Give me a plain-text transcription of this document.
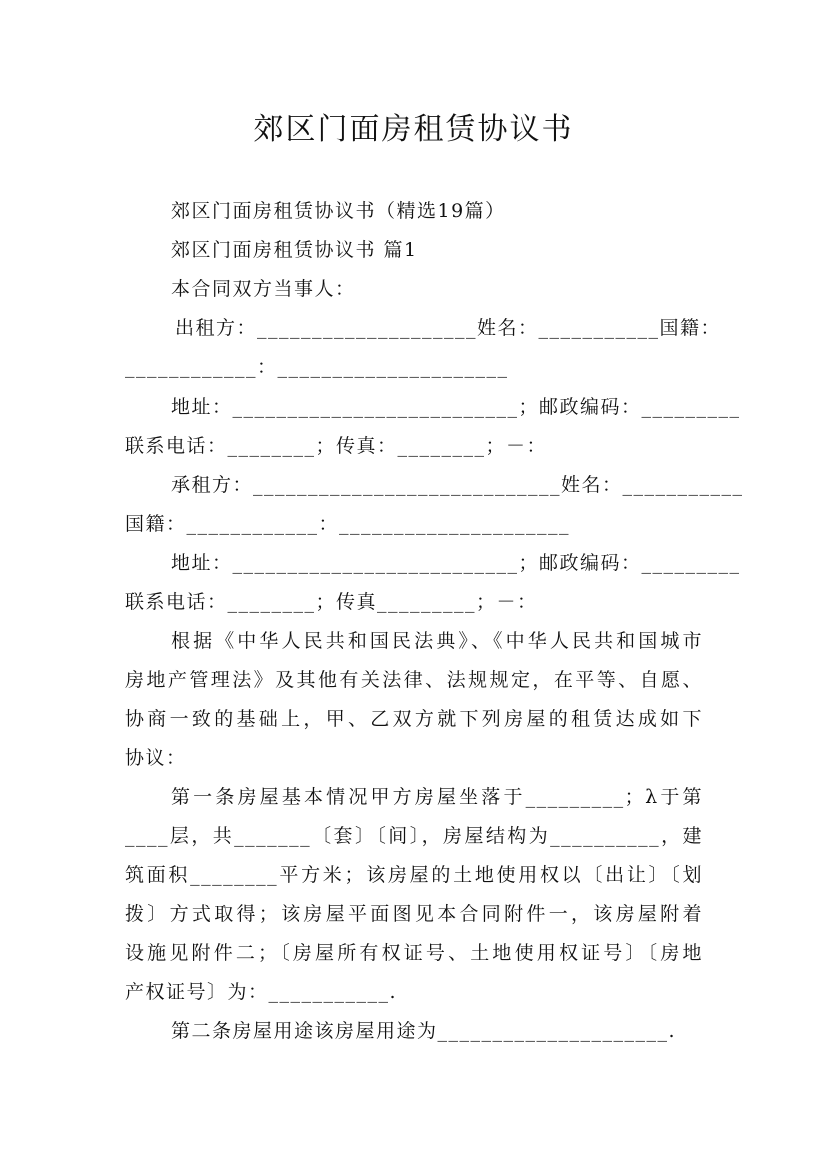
郊区门面房租赁协议书
郊区门面房租赁协议书（精选19篇）
郊区门面房租赁协议书 篇1
本合同双方当事人：
出租方：____________________姓名：___________国籍：
____________：_____________________
地址：__________________________；邮政编码：_________
联系电话：________；传真：________；－：
承租方：____________________________姓名：___________
国籍：____________：_____________________
地址：__________________________；邮政编码：_________
联系电话：________；传真_________；－：
根据《中华人民共和国民法典》、《中华人民共和国城市
房地产管理法》及其他有关法律、法规规定，在平等、自愿、
协商一致的基础上，甲、乙双方就下列房屋的租赁达成如下
协议：
第一条房屋基本情况甲方房屋坐落于_________；λ于第
____层，共_______〔套〕〔间〕，房屋结构为__________，建
筑面积________平方米；该房屋的土地使用权以〔出让〕〔划
拨〕方式取得；该房屋平面图见本合同附件一，该房屋附着
设施见附件二；〔房屋所有权证号、土地使用权证号〕〔房地
产权证号〕为：___________.
第二条房屋用途该房屋用途为_____________________.
